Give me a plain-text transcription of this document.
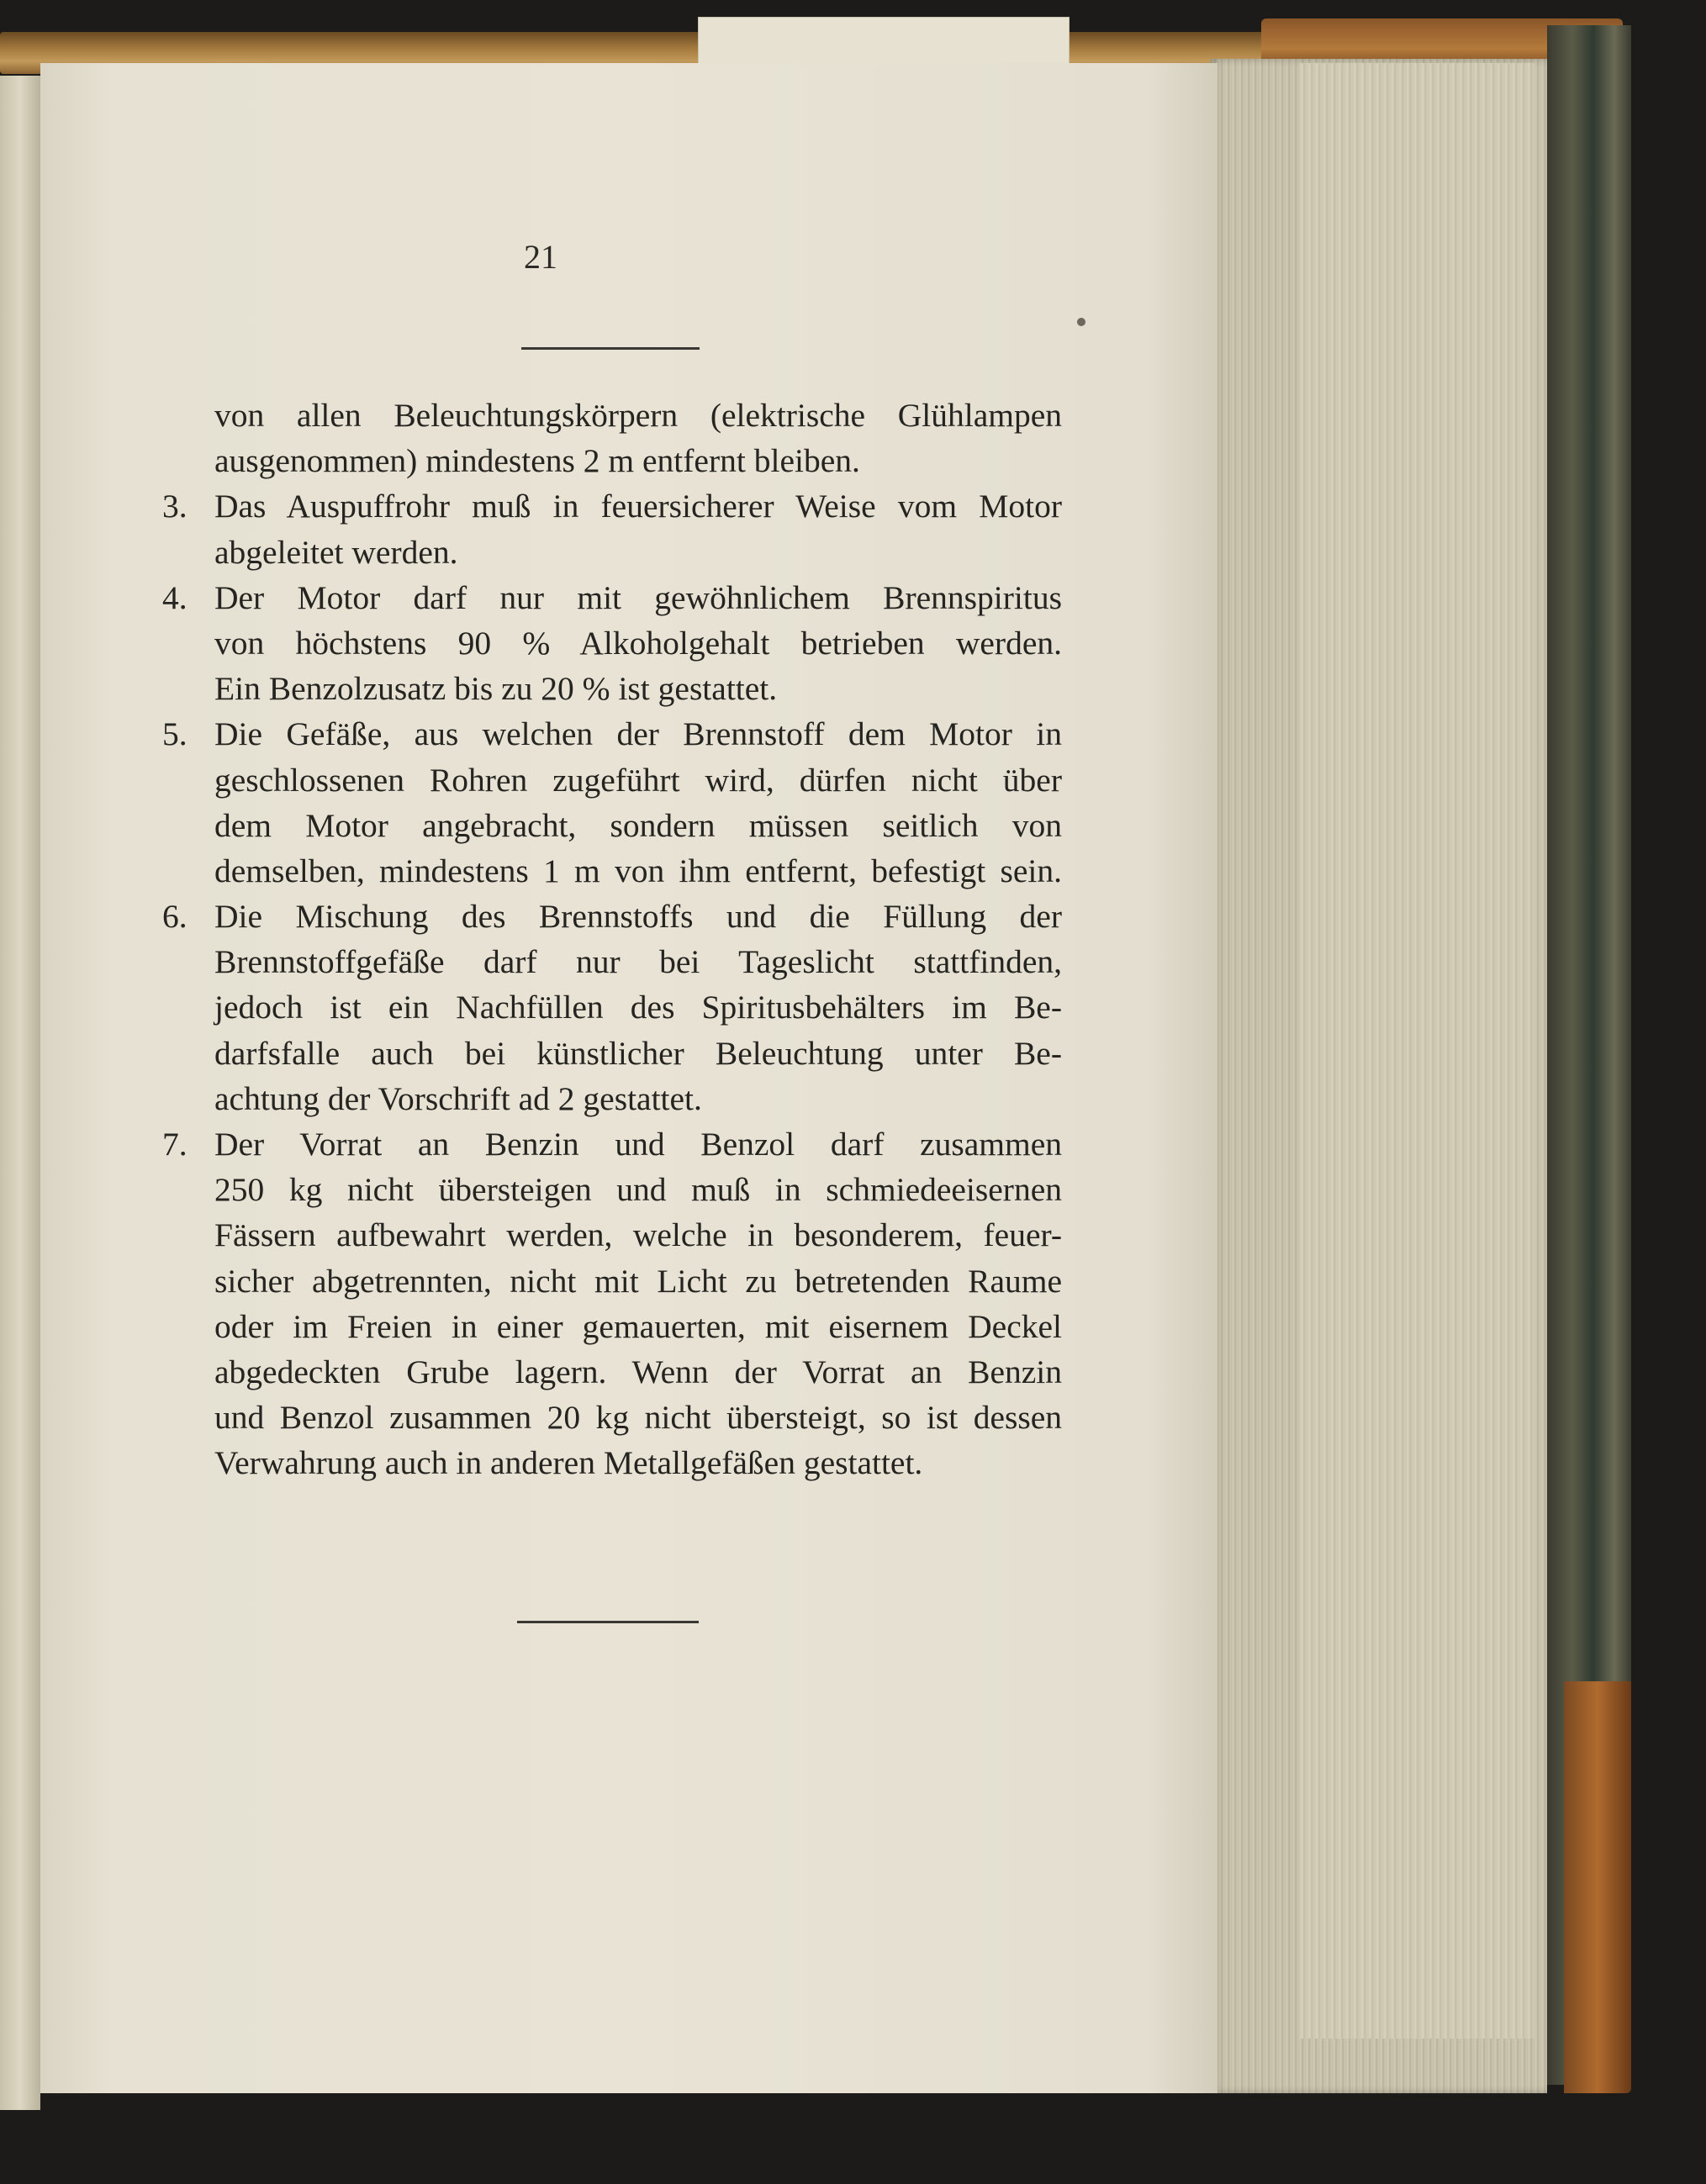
21
von allen Beleuchtungskörpern (elektrische Glühlampen
ausgenommen) mindestens 2 m entfernt bleiben.
3. Das Auspuffrohr muß in feuersicherer Weise vom Motor
abgeleitet werden.
4. Der Motor darf nur mit gewöhnlichem Brennspiritus
von höchstens 90 % Alkoholgehalt betrieben werden.
Ein Benzolzusatz bis zu 20 % ist gestattet.
5. Die Gefäße, aus welchen der Brennstoff dem Motor in
geschlossenen Rohren zugeführt wird, dürfen nicht über
dem Motor angebracht, sondern müssen seitlich von
demselben, mindestens 1 m von ihm entfernt, befestigt sein.
6. Die Mischung des Brennstoffs und die Füllung der
Brennstoffgefäße darf nur bei Tageslicht stattfinden,
jedoch ist ein Nachfüllen des Spiritusbehälters im Be-
darfsfalle auch bei künstlicher Beleuchtung unter Be-
achtung der Vorschrift ad 2 gestattet.
7. Der Vorrat an Benzin und Benzol darf zusammen
250 kg nicht übersteigen und muß in schmiedeeisernen
Fässern aufbewahrt werden, welche in besonderem, feuer-
sicher abgetrennten, nicht mit Licht zu betretenden Raume
oder im Freien in einer gemauerten, mit eisernem Deckel
abgedeckten Grube lagern. Wenn der Vorrat an Benzin
und Benzol zusammen 20 kg nicht übersteigt, so ist dessen
Verwahrung auch in anderen Metallgefäßen gestattet.
